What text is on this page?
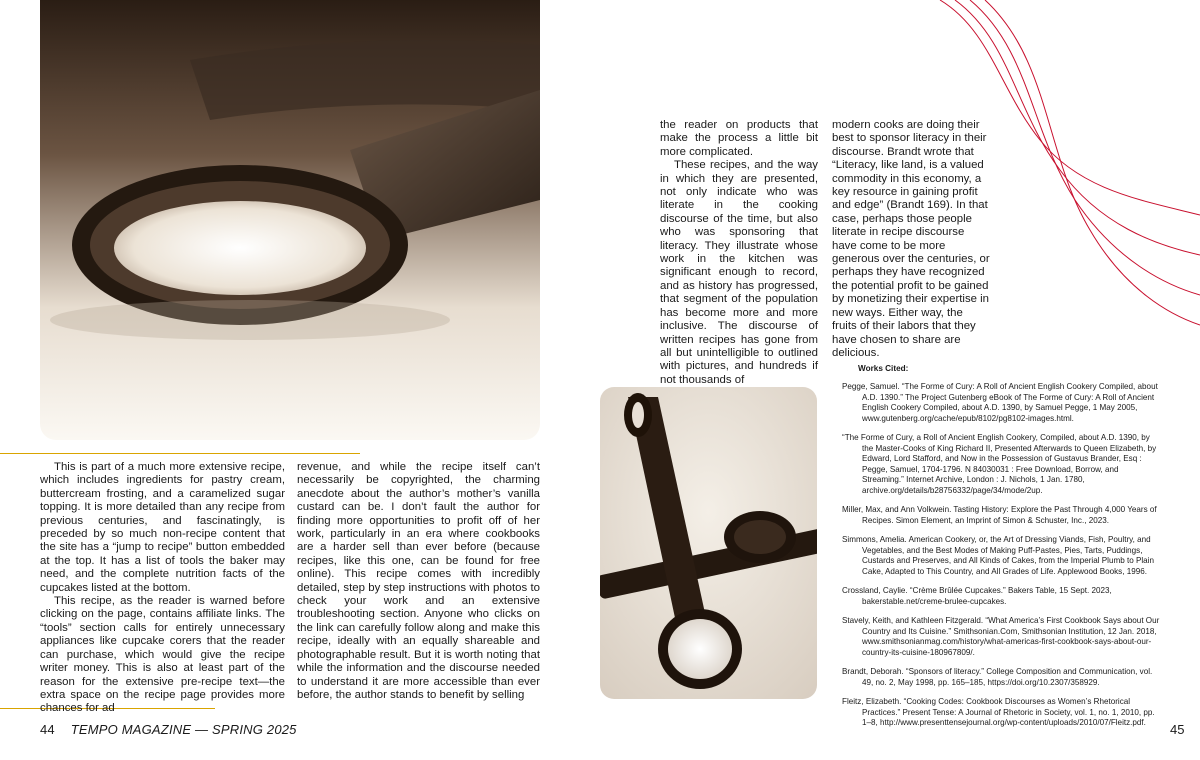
This is part of a much more extensive recipe, which includes ingredients for pastry cream, buttercream frosting, and a caramelized sugar topping. It is more detailed than any recipe from previous centuries, and fascinatingly, is preceded by so much non-recipe content that the site has a “jump to recipe” button embedded at the top. It has a list of tools the baker may need, and the complete nutrition facts of the cupcakes listed at the bottom.

This recipe, as the reader is warned before clicking on the page, contains affiliate links. The “tools” section calls for entirely unnecessary appliances like cupcake corers that the reader can purchase, which would give the recipe writer money. This is also at least part of the reason for the extensive pre-recipe text—the extra space on the recipe page provides more chances for ad

revenue, and while the recipe itself can’t necessarily be copyrighted, the charming anecdote about the author’s mother’s vanilla custard can be. I don’t fault the author for finding more opportunities to profit off of her work, particularly in an era where cookbooks are a harder sell than ever before (because recipes, like this one, can be found for free online). This recipe comes with incredibly detailed, step by step instructions with photos to check your work and an extensive troubleshooting section. Anyone who clicks on the link can carefully follow along and make this recipe, ideally with an equally shareable and photographable result. But it is worth noting that while the information and the discourse needed to understand it are more accessible than ever before, the author stands to benefit by selling

the reader on products that make the process a little bit more complicated.

These recipes, and the way in which they are presented, not only indicate who was literate in the cooking discourse of the time, but also who was sponsoring that literacy. They illustrate whose work in the kitchen was significant enough to record, and as history has progressed, that segment of the population has become more and more inclusive. The discourse of written recipes has gone from all but unintelligible to outlined with pictures, and hundreds if not thousands of

modern cooks are doing their best to sponsor literacy in their discourse. Brandt wrote that “Literacy, like land, is a valued commodity in this economy, a key resource in gaining profit and edge” (Brandt 169). In that case, perhaps those people literate in recipe discourse have come to be more generous over the centuries, or perhaps they have recognized the potential profit to be gained by monetizing their expertise in new ways. Either way, the fruits of their labors that they have chosen to share are delicious.

Works Cited:

Pegge, Samuel. “The Forme of Cury: A Roll of Ancient English Cookery Compiled, about A.D. 1390.” The Project Gutenberg eBook of The Forme of Cury: A Roll of Ancient English Cookery Compiled, about A.D. 1390, by Samuel Pegge, 1 May 2005, www.gutenberg.org/cache/epub/8102/pg8102-images.html.

“The Forme of Cury, a Roll of Ancient English Cookery, Compiled, about A.D. 1390, by the Master-Cooks of King Richard II, Presented Afterwards to Queen Elizabeth, by Edward, Lord Stafford, and Now in the Possession of Gustavus Brander, Esq : Pegge, Samuel, 1704-1796. N 84030031 : Free Download, Borrow, and Streaming.” Internet Archive, London : J. Nichols, 1 Jan. 1780, archive.org/details/b28756332/page/34/mode/2up.

Miller, Max, and Ann Volkwein. Tasting History: Explore the Past Through 4,000 Years of Recipes. Simon Element, an Imprint of Simon & Schuster, Inc., 2023.

Simmons, Amelia. American Cookery, or, the Art of Dressing Viands, Fish, Poultry, and Vegetables, and the Best Modes of Making Puff-Pastes, Pies, Tarts, Puddings, Custards and Preserves, and All Kinds of Cakes, from the Imperial Plumb to Plain Cake, Adapted to This Country, and All Grades of Life. Applewood Books, 1996.

Crossland, Caylie. “Crème Brûlée Cupcakes.” Bakers Table, 15 Sept. 2023, bakerstable.net/creme-brulee-cupcakes.

Stavely, Keith, and Kathleen Fitzgerald. “What America’s First Cookbook Says about Our Country and Its Cuisine.” Smithsonian.Com, Smithsonian Institution, 12 Jan. 2018, www.smithsonianmag.com/history/what-americas-first-cookbook-says-about-our-country-its-cuisine-180967809/.

Brandt, Deborah. “Sponsors of literacy.” College Composition and Communication, vol. 49, no. 2, May 1998, pp. 165–185, https://doi.org/10.2307/358929.

Fleitz, Elizabeth. “Cooking Codes: Cookbook Discourses as Women’s Rhetorical Practices.” Present Tense: A Journal of Rhetoric in Society, vol. 1, no. 1, 2010, pp. 1–8, http://www.presenttensejournal.org/wp-content/uploads/2010/07/Fleitz.pdf.

44 TEMPO MAGAZINE — SPRING 2025	45
